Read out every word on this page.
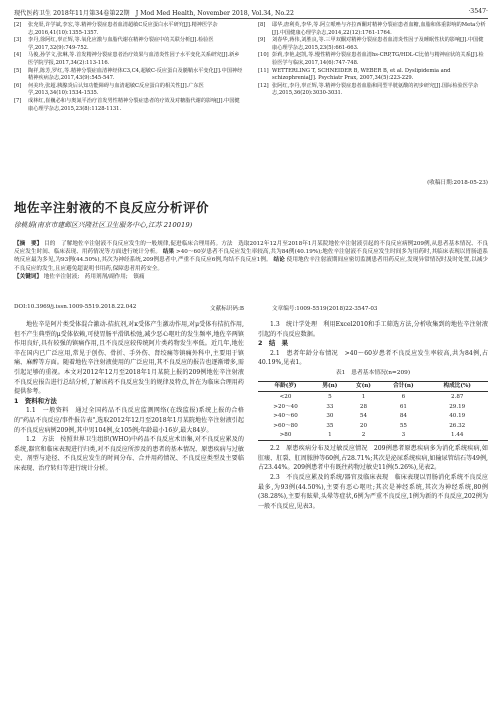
现代医药卫生 2018年11月第34卷第22期　J Mod Med Health, November 2018, Vol.34, No.22	·3547·
[2]	张充渠,许学斌,李宏,等.精神分裂症患者血清超敏C反应蛋白水平研究[J].精神医学杂志,2016,41(10):1355-1357.
[3]	李丹,徐阿红,辜正辉,等.氧化应激与血脂代谢在精神分裂症中的关联分析[J].检验医学,2017,32(9):749-752.
[4]	马俊,孙学文,张琳,等.首发精神分裂症患者治疗效果与血清炎性因子水平变化关系研究[J].新乡医学院学报,2017,34(2):113-116.
[5]	陶祥,陈芳,罗红,等.精神分裂症血清神经体C3,C4,超敏C-反应蛋白及髓鞘水平变化[J].中国神经精神疾病杂志,2017,43(9):545-547.
[6]	何美玲,张超.胰腺炎后认知功能障碍与血清超敏C反应蛋白的相关性[J].广东医学,2013,34(10):1534-1535.
[7]	成林红,崔巍必和与奥氮平治疗首发男性精神分裂症患者的疗效及对糖脂代谢的影响[J].中国健康心理学杂志,2015,23(8):1128-1131.
[8]	耶华,唐利英,李华,等.阿立哌唑与齐拉西酮对精神分裂症患者血糖,血脂和体重影响的Meta分析[J].中国健康心理学杂志,2014,22(12):1761-1764.
[9]	刘春华,蒋伟,刘胜良,等.三甲双酮对精神分裂症患者血清炎性因子及睡眠性状的影响[J].中国健康心理学杂志,2015,23(5):661-663.
[10] 彭莉,李艳,赵凯,等.慢性精神分裂症患者血清hs-CRP,TG/HDL-C比值与精神症状的关系[J].检验医学与临床,2017,14(6):747-748.
[11] WETTERLING T, SCHNEIDER B, WEBER B, et al. Dyslipidemia and schizophrenia[J]. Psychiatr Prax, 2007,34(5):223-229.
[12] 张阿红,李丹,辜正辉,等.精神分裂症患者血脂和同型半胱氨酸的初步研究[J].国际检验医学杂志,2015,36(20):3030-3031.
(收稿日期:2018-05-23)
地佐辛注射液的不良反应分析评价
徐桃娟(南京市建邺区兴隆社区卫生服务中心,江苏 210019)
【摘　要】 目的　了解地佐辛注射液不良反应发生的一般规律,促进临床合理用药。方法　选取2012年12月至2018年1月某院地佐辛注射液引起的不良反应病例209例,从患者基本情况、不良反应发生时间、临床表现、用药情况等方面进行统计分析。 结果 >40～60岁患者不良反应发生率较高,共为84例(40.19%);地佐辛注射液不良反应发生时间多为用药时,其临床表现以胃肠道系统反应最为多见,为93例(44.50%),其次为神经系统,209例患者中,严重不良反应6例,均结不良反应1例。 结论 使用地佐辛注射液期间应密切监测患者用药反应,发现异常情况时及时处置,以减少不良反应的发生,且应避免超说明书用药,保障患者用药安全。
【关键词】 地佐辛注射液;　药用剂剂/副作用;　镇痛
DOI:10.3969/j.issn.1009-5519.2018.22.042	文献标识码:B	文章编号:1009-5519(2018)22-3547-03

地佐辛是阿片类受体混合激动-拮抗剂,对κ受体产生激动作用,对μ受体有拮抗作用,但不产生典型的μ受体依赖,可使胃肠平滑肌松弛,减少恶心呕吐的发生频率,地佐辛两镇作用良好,具有较强的镇痛作用,且不良反应较传统阿片类药物发生率低。近几年,地佐辛在国内已广泛应用,常见于创伤、骨折、手外伤、肾绞痛等镇痛外科中,主要用于镇痛、麻醉等方面。随着地佐辛注射液使用的广泛应用,其不良反应的报告也逐渐增多,需引起足够的重视。本文对2012年12月至2018年1月某院上报的209例地佐辛注射液不良反应报告进行总结分析,了解该药不良反应发生的规律及特点,旨在为临床合理用药提供参考。

1　资料和方法

1.1　一般资料　通过全国药品不良反应监测网络(在线监报)系统上报的合格的"药品不良反应/事件报告表",选取2012年12月至2018年1月某院地佐辛注射液引起的不良反应病例209例,其中男104例,女105例;年龄最小16岁,最大84岁。

1.2　方法　按照世界卫生组织(WHO)中药品不良反应术语集,对不良反应累及的系统,器官和临床表现进行归类,对不良反应所涉及的患者的基本情况、原患疾病与过敏史、剂型与途径、不良反应发生的时间分布、合并用药情况、不良反应类型及主要临床表现、治疗转归等进行统计分析。

1.3　统计学处理　利用Excel2010和手工筛选方法,分析收集到的地佐辛注射液引起的不良反应数据。

2　结　果

2.1　患者年龄分布情况　>40～60岁患者不良反应发生率较高,共为84例,占40.19%,见表1。

表1　患者基本情况(n=209)
年龄(岁)	男(n)	女(n)	合计(n)	构成比(%)
<20	5	1	6	2.87
>20～40	33	28	61	29.19
>40～60	30	54	84	40.19
>60～80	35	20	55	26.32
>80	1	2	3	1.44

2.2　原患疾病分布及过敏反应情况　209例患者原患疾病多为消化系统疾病,如肛瘘、肛裂、肛周脓肿等60例,占28.71%;其次是泌尿系统疾病,如输尿管结石等49例,占23.44%。209例患者中有既往药物过敏史11例(5.26%),见表2。

2.3　不良反应累及的系统/器官及临床表现　临床表现以胃肠消化系统不良反应最多,为93例(44.50%),主要有恶心呕吐;其次是神经系统,其次为神经系统,80例(38.28%),主要有眩晕,头晕等症状,6例为严重不良反应,1例为新的不良反应,202例为一般不良反应,见表3。
